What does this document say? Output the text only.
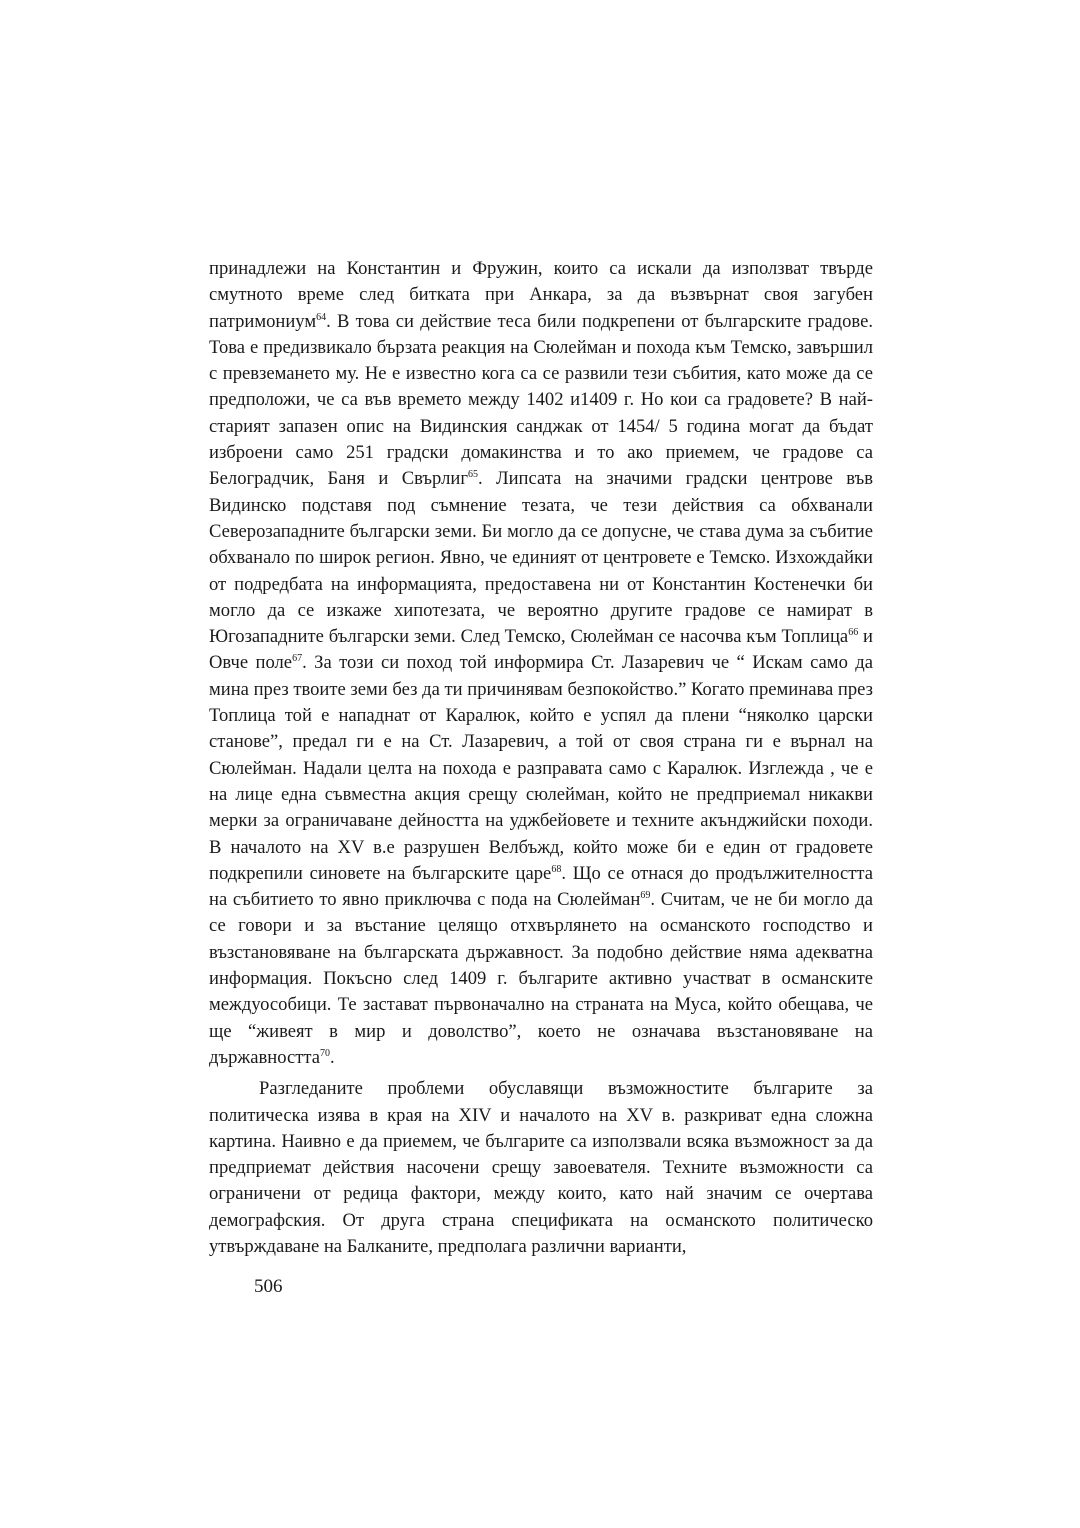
принадлежи на Константин и Фружин, които са искали да използват твърде смутното време след битката при Анкара, за да възвърнат своя загубен патримониум$^{64}$. В това си действие теса били подкрепени от българските градове. Това е предизвикало бързата реакция на Сюлейман и похода към Темско, завършил с превземането му. Не е известно кога са се развили тези събития, като може да се предположи, че са във времето между 1402 и1409 г. Но кои са градовете? В най-старият запазен опис на Видинския санджак от 1454/ 5 година могат да бъдат изброени само 251 градски домакинства и то ако приемем, че градове са Белоградчик, Баня и Свърлиг$^{65}$. Липсата на значими градски центрове във Видинско подставя под съмнение тезата, че тези действия са обхванали Северозападните български земи. Би могло да се допусне, че става дума за събитие обхванало по широк регион. Явно, че единият от центровете е Темско. Изхождайки от подредбата на информацията, предоставена ни от Константин Костенечки би могло да се изкаже хипотезата, че вероятно другите градове се намират в Югозападните български земи. След Темско, Сюлейман се насочва към Топлица$^{66}$ и Овче поле$^{67}$. За този си поход той информира Ст. Лазаревич че “ Искам само да мина през твоите земи без да ти причинявам безпокойство.” Когато преминава през Топлица той е нападнат от Каралюк, който е успял да плени “няколко царски станове”, предал ги е на Ст. Лазаревич, а той от своя страна ги е върнал на Сюлейман. Надали целта на похода е разправата само с Каралюк. Изглежда , че е на лице една съвместна акция срещу сюлейман, който не предприемал никакви мерки за ограничаване дейността на уджбейовете и техните акънджийски походи. В началото на XV в.е разрушен Велбъжд, който може би е един от градовете подкрепили синовете на българските царе$^{68}$. Що се отнася до продължителността на събитието то явно приключва с пода на Сюлейман$^{69}$. Считам, че не би могло да се говори и за въстание целящо отхвърлянето на османското господство и възстановяване на българската държавност. За подобно действие няма адекватна информация. Покъсно след 1409 г. българите активно участват в османските междуособици. Те застават първоначално на страната на Муса, който обещава, че ще “живеят в мир и доволство”, което не означава възстановяване на държавността$^{70}$.

Разгледаните проблеми обуславящи възможностите българите за политическа изява в края на XIV и началото на XV в. разкриват една сложна картина. Наивно е да приемем, че българите са използвали всяка възможност за да предприемат действия насочени срещу завоевателя. Техните възможности са ограничени от редица фактори, между които, като най значим се очертава демографския. От друга страна спецификата на османското политическо утвърждаване на Балканите, предполага различни варианти,

506
